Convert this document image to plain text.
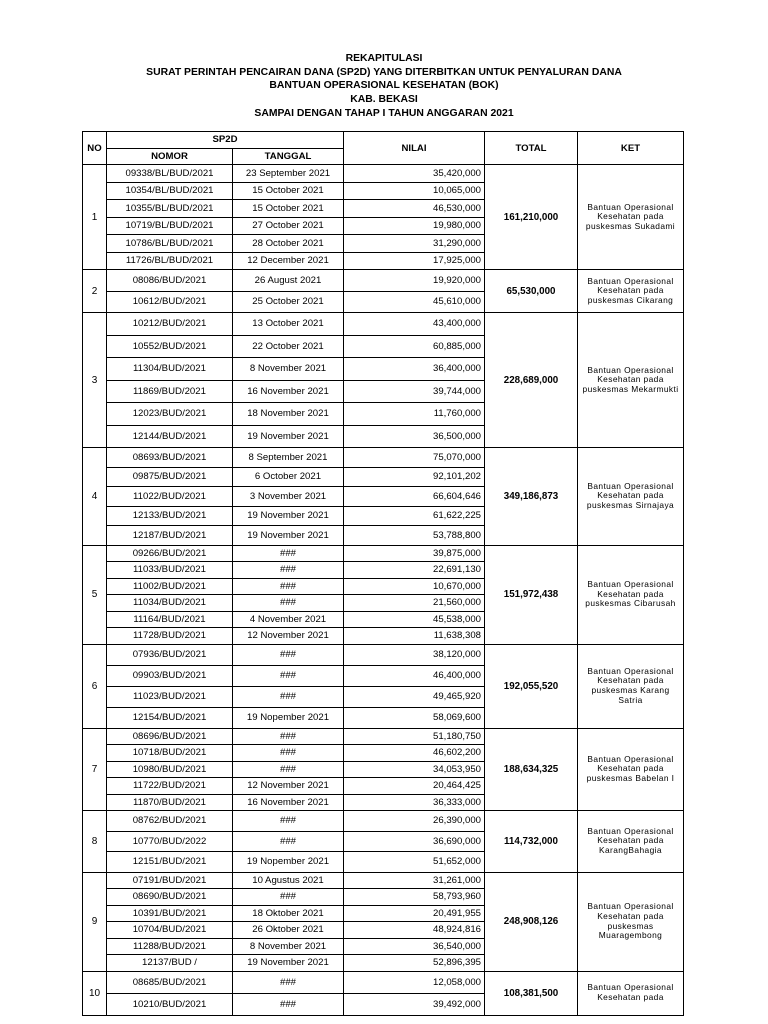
REKAPITULASI
SURAT PERINTAH PENCAIRAN DANA (SP2D) YANG DITERBITKAN UNTUK PENYALURAN DANA
BANTUAN OPERASIONAL KESEHATAN (BOK)
KAB. BEKASI
SAMPAI DENGAN TAHAP I TAHUN ANGGARAN 2021
NO	SP2D		NILAI	TOTAL	KET
	NOMOR	TANGGAL			
1	09338/BL/BUD/2021	23 September 2021	35,420,000	161,210,000	Bantuan Operasional Kesehatan pada puskesmas Sukadami
	10354/BL/BUD/2021	15 October 2021	10,065,000		
	10355/BL/BUD/2021	15 October 2021	46,530,000		
	10719/BL/BUD/2021	27 October 2021	19,980,000		
	10786/BL/BUD/2021	28 October 2021	31,290,000		
	11726/BL/BUD/2021	12 December 2021	17,925,000		
2	08086/BUD/2021	26 August 2021	19,920,000	65,530,000	Bantuan Operasional Kesehatan pada puskesmas Cikarang
	10612/BUD/2021	25 October 2021	45,610,000		
3	10212/BUD/2021	13 October 2021	43,400,000	228,689,000	Bantuan Operasional Kesehatan pada puskesmas Mekarmukti
	10552/BUD/2021	22 October 2021	60,885,000		
	11304/BUD/2021	8 November 2021	36,400,000		
	11869/BUD/2021	16 November 2021	39,744,000		
	12023/BUD/2021	18 November 2021	11,760,000		
	12144/BUD/2021	19 November 2021	36,500,000		
4	08693/BUD/2021	8 September 2021	75,070,000	349,186,873	Bantuan Operasional Kesehatan pada puskesmas Sirnajaya
	09875/BUD/2021	6 October 2021	92,101,202		
	11022/BUD/2021	3 November 2021	66,604,646		
	12133/BUD/2021	19 November 2021	61,622,225		
	12187/BUD/2021	19 November 2021	53,788,800		
5	09266/BUD/2021	###	39,875,000	151,972,438	Bantuan Operasional Kesehatan pada puskesmas Cibarusah
	11033/BUD/2021	###	22,691,130		
	11002/BUD/2021	###	10,670,000		
	11034/BUD/2021	###	21,560,000		
	11164/BUD/2021	4 November 2021	45,538,000		
	11728/BUD/2021	12 November 2021	11,638,308		
6	07936/BUD/2021	###	38,120,000	192,055,520	Bantuan Operasional Kesehatan pada puskesmas Karang Satria
	09903/BUD/2021	###	46,400,000		
	11023/BUD/2021	###	49,465,920		
	12154/BUD/2021	19 Nopember 2021	58,069,600		
7	08696/BUD/2021	###	51,180,750	188,634,325	Bantuan Operasional Kesehatan pada puskesmas Babelan I
	10718/BUD/2021	###	46,602,200		
	10980/BUD/2021	###	34,053,950		
	11722/BUD/2021	12 November 2021	20,464,425		
	11870/BUD/2021	16 November 2021	36,333,000		
8	08762/BUD/2021	###	26,390,000	114,732,000	Bantuan Operasional Kesehatan pada KarangBahagia
	10770/BUD/2022	###	36,690,000		
	12151/BUD/2021	19 Nopember 2021	51,652,000		
9	07191/BUD/2021	10 Agustus 2021	31,261,000	248,908,126	Bantuan Operasional Kesehatan pada puskesmas Muaragembong
	08690/BUD/2021	###	58,793,960		
	10391/BUD/2021	18 Oktober 2021	20,491,955		
	10704/BUD/2021	26 Oktober 2021	48,924,816		
	11288/BUD/2021	8 November 2021	36,540,000		
	12137/BUD /	19 November 2021	52,896,395		
10	08685/BUD/2021	###	12,058,000	108,381,500	Bantuan Operasional Kesehatan pada
	10210/BUD/2021	###	39,492,000		
